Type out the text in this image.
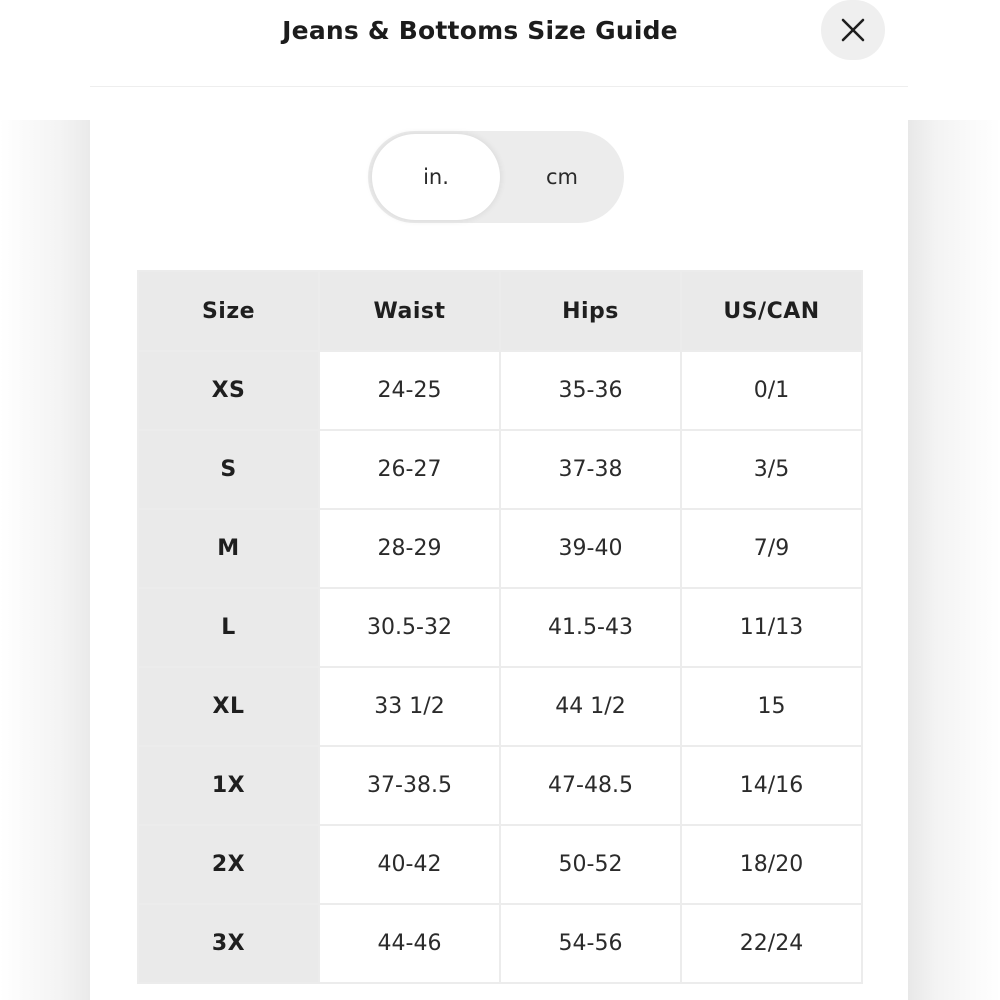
Jeans & Bottoms Size Guide
cm
in.
Size	Waist	Hips	US/CAN
XS	24-25	35-36	0/1
S	26-27	37-38	3/5
M	28-29	39-40	7/9
L	30.5-32	41.5-43	11/13
XL	33 1/2	44 1/2	15
1X	37-38.5	47-48.5	14/16
2X	40-42	50-52	18/20
3X	44-46	54-56	22/24
